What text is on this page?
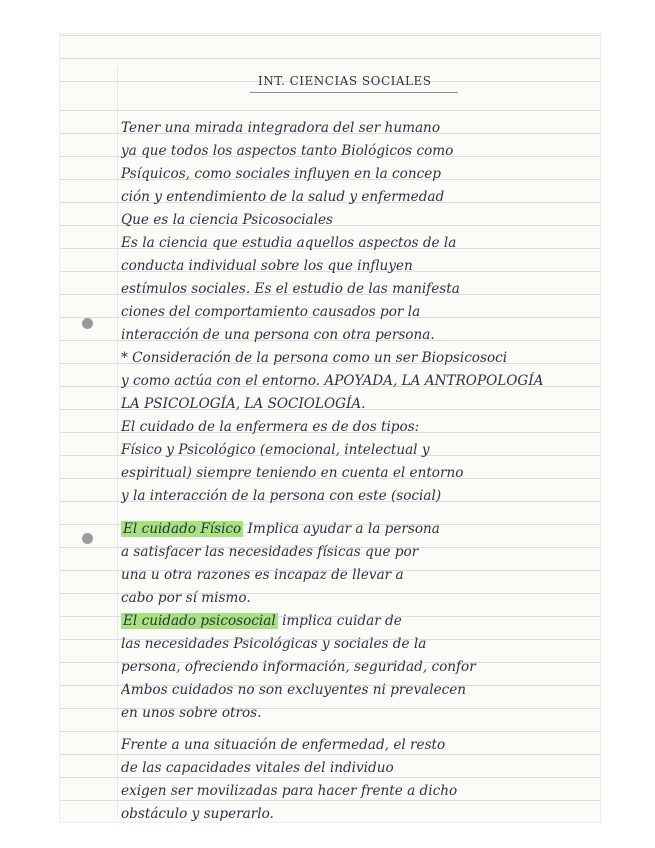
INT. CIENCIAS SOCIALES
Tener una mirada integradora del ser humano
ya que todos los aspectos tanto Biológicos como
Psíquicos, como sociales influyen en la concep
ción y entendimiento de la salud y enfermedad
Que es la ciencia Psicosociales
Es la ciencia que estudia aquellos aspectos de la
conducta individual sobre los que influyen
estímulos sociales. Es el estudio de las manifesta
ciones del comportamiento causados por la
interacción de una persona con otra persona.
* Consideración de la persona como un ser Biopsicosoci
y como actúa con el entorno. APOYADA, LA ANTROPOLOGÍA
LA PSICOLOGÍA, LA SOCIOLOGÍA.
El cuidado de la enfermera es de dos tipos:
Físico y Psicológico (emocional, intelectual y
espiritual) siempre teniendo en cuenta el entorno
y la interacción de la persona con este (social)
El cuidado Físico Implica ayudar a la persona
a satisfacer las necesidades físicas que por
una u otra razones es incapaz de llevar a
cabo por sí mismo.
El cuidado psicosocial implica cuidar de
las necesidades Psicológicas y sociales de la
persona, ofreciendo información, seguridad, confor
Ambos cuidados no son excluyentes ni prevalecen
en unos sobre otros.
Frente a una situación de enfermedad, el resto
de las capacidades vitales del individuo
exigen ser movilizadas para hacer frente a dicho
obstáculo y superarlo.
